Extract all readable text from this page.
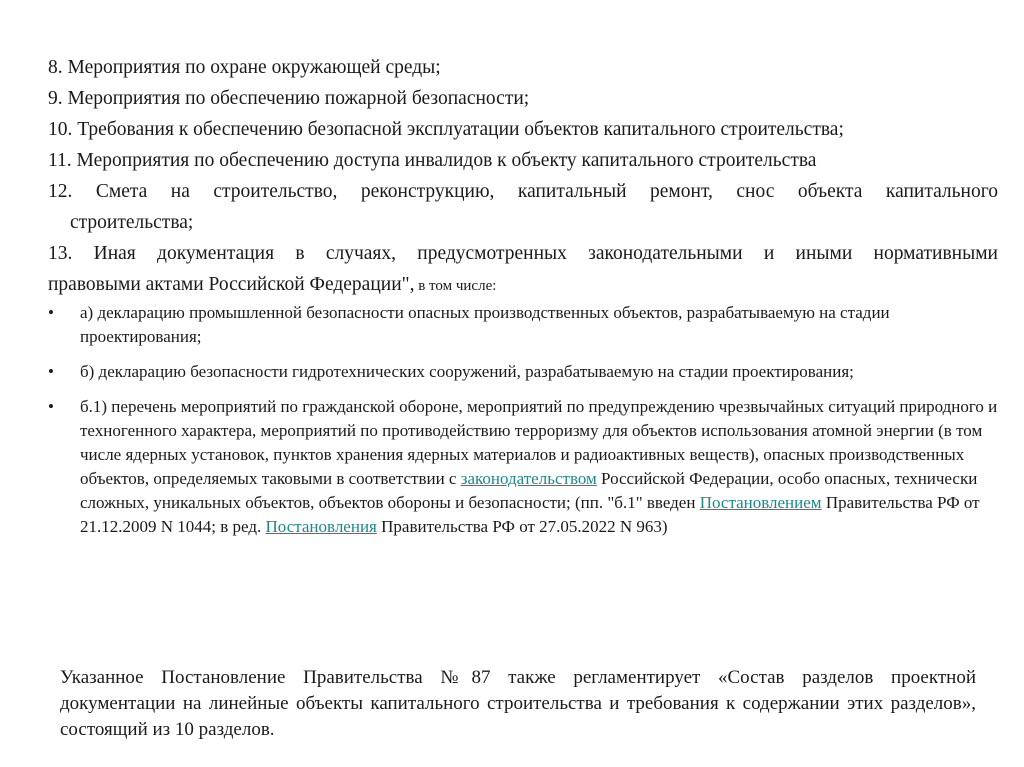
8. Мероприятия по охране окружающей среды;
9. Мероприятия по обеспечению пожарной безопасности;
10. Требования к обеспечению безопасной эксплуатации объектов капитального строительства;
11. Мероприятия по обеспечению доступа инвалидов к объекту капитального строительства
12. Смета на строительство, реконструкцию, капитальный ремонт, снос объекта капитального
строительства;
13. Иная документация в случаях, предусмотренных законодательными и иными нормативными
правовыми актами Российской Федерации", в том числе:
• а) декларацию промышленной безопасности опасных производственных объектов, разрабатываемую на стадии проектирования;
• б) декларацию безопасности гидротехнических сооружений, разрабатываемую на стадии проектирования;
• б.1) перечень мероприятий по гражданской обороне, мероприятий по предупреждению чрезвычайных ситуаций природного и техногенного характера, мероприятий по противодействию терроризму для объектов использования атомной энергии (в том числе ядерных установок, пунктов хранения ядерных материалов и радиоактивных веществ), опасных производственных объектов, определяемых таковыми в соответствии с законодательством Российской Федерации, особо опасных, технически сложных, уникальных объектов, объектов обороны и безопасности; (пп. "б.1" введен Постановлением Правительства РФ от 21.12.2009 N 1044; в ред. Постановления Правительства РФ от 27.05.2022 N 963)

Указанное Постановление Правительства №87 также регламентирует «Состав разделов проектной документации на линейные объекты капитального строительства и требования к содержании этих разделов», состоящий из 10 разделов.
